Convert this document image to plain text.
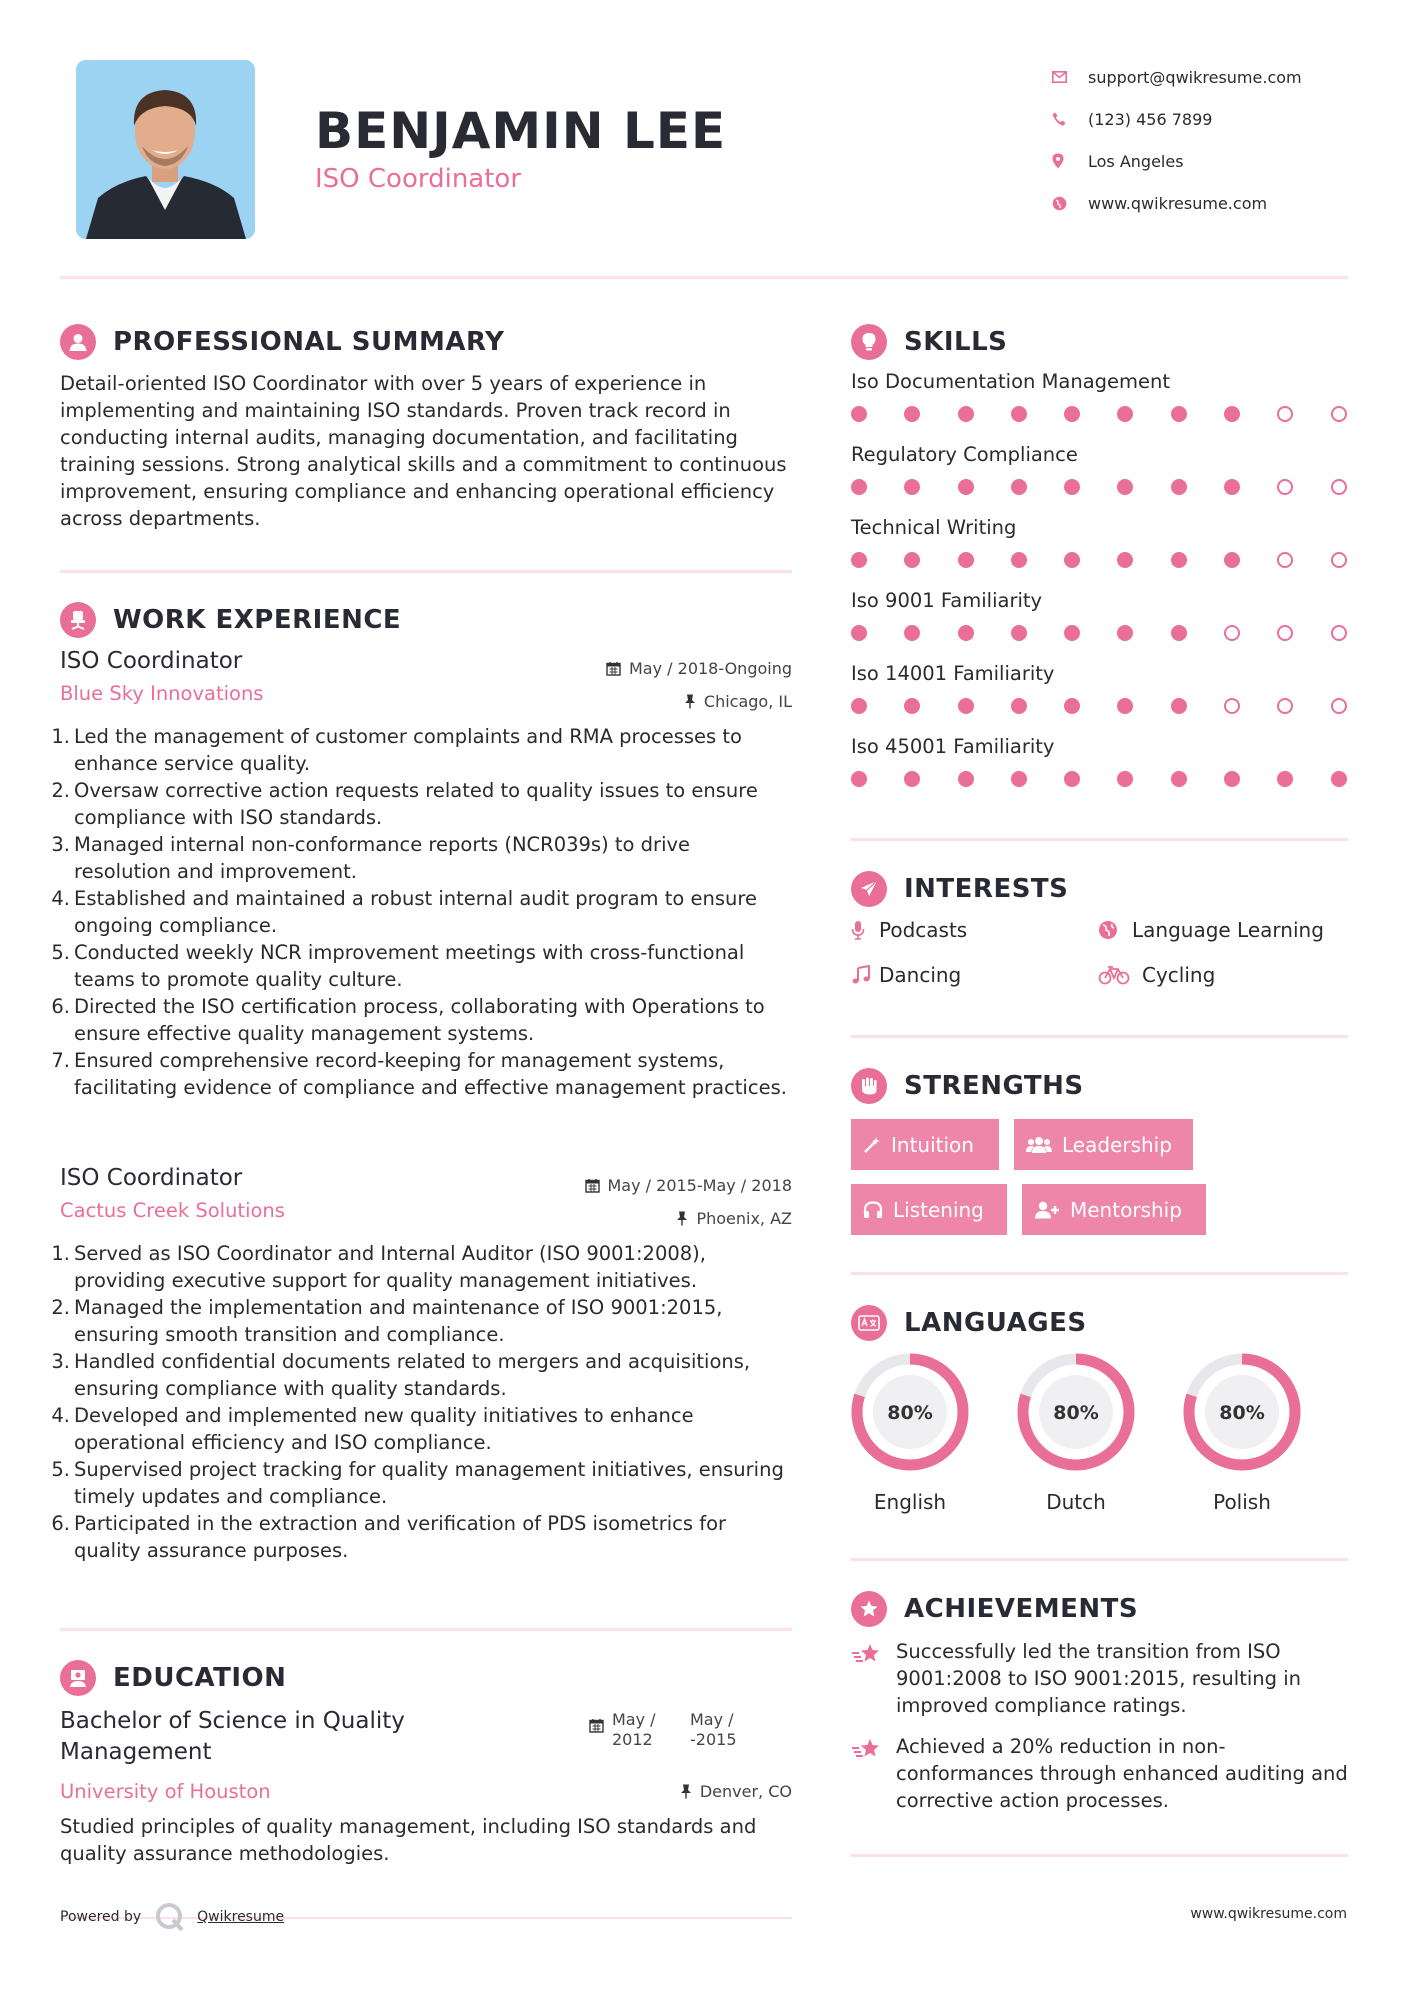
BENJAMIN LEE
ISO Coordinator
support@qwikresume.com
(123) 456 7899
Los Angeles
www.qwikresume.com
PROFESSIONAL SUMMARY

Detail-oriented ISO Coordinator with over 5 years of experience in implementing and maintaining ISO standards. Proven track record in conducting internal audits, managing documentation, and facilitating training sessions. Strong analytical skills and a commitment to continuous improvement, ensuring compliance and enhancing operational efficiency across departments.

WORK EXPERIENCE
ISO Coordinator
Blue Sky Innovations
May / 2018-Ongoing
Chicago, IL
1. Led the management of customer complaints and RMA processes to enhance service quality.
2. Oversaw corrective action requests related to quality issues to ensure compliance with ISO standards.
3. Managed internal non-conformance reports (NCR039s) to drive resolution and improvement.
4. Established and maintained a robust internal audit program to ensure ongoing compliance.
5. Conducted weekly NCR improvement meetings with cross-functional teams to promote quality culture.
6. Directed the ISO certification process, collaborating with Operations to ensure effective quality management systems.
7. Ensured comprehensive record-keeping for management systems, facilitating evidence of compliance and effective management practices.
ISO Coordinator
Cactus Creek Solutions
May / 2015-May / 2018
Phoenix, AZ
1. Served as ISO Coordinator and Internal Auditor (ISO 9001:2008), providing executive support for quality management initiatives.
2. Managed the implementation and maintenance of ISO 9001:2015, ensuring smooth transition and compliance.
3. Handled confidential documents related to mergers and acquisitions, ensuring compliance with quality standards.
4. Developed and implemented new quality initiatives to enhance operational efficiency and ISO compliance.
5. Supervised project tracking for quality management initiatives, ensuring timely updates and compliance.
6. Participated in the extraction and verification of PDS isometrics for quality assurance purposes.
EDUCATION
Bachelor of Science in Quality Management
University of Houston
Studied principles of quality management, including ISO standards and quality assurance methodologies.
May /
2012
May /
-2015
Denver, CO
Powered by	Qwikresume	www.qwikresume.com
SKILLS
Iso Documentation Management
Regulatory Compliance
Technical Writing
Iso 9001 Familiarity
Iso 14001 Familiarity
Iso 45001 Familiarity
INTERESTS
Podcasts	Language Learning
Dancing	Cycling
STRENGTHS
Intuition	Leadership
Listening	Mentorship
LANGUAGES
80%
English
80%
Dutch
80%
Polish
ACHIEVEMENTS
Successfully led the transition from ISO 9001:2008 to ISO 9001:2015, resulting in improved compliance ratings.
Achieved a 20% reduction in non-conformances through enhanced auditing and corrective action processes.
